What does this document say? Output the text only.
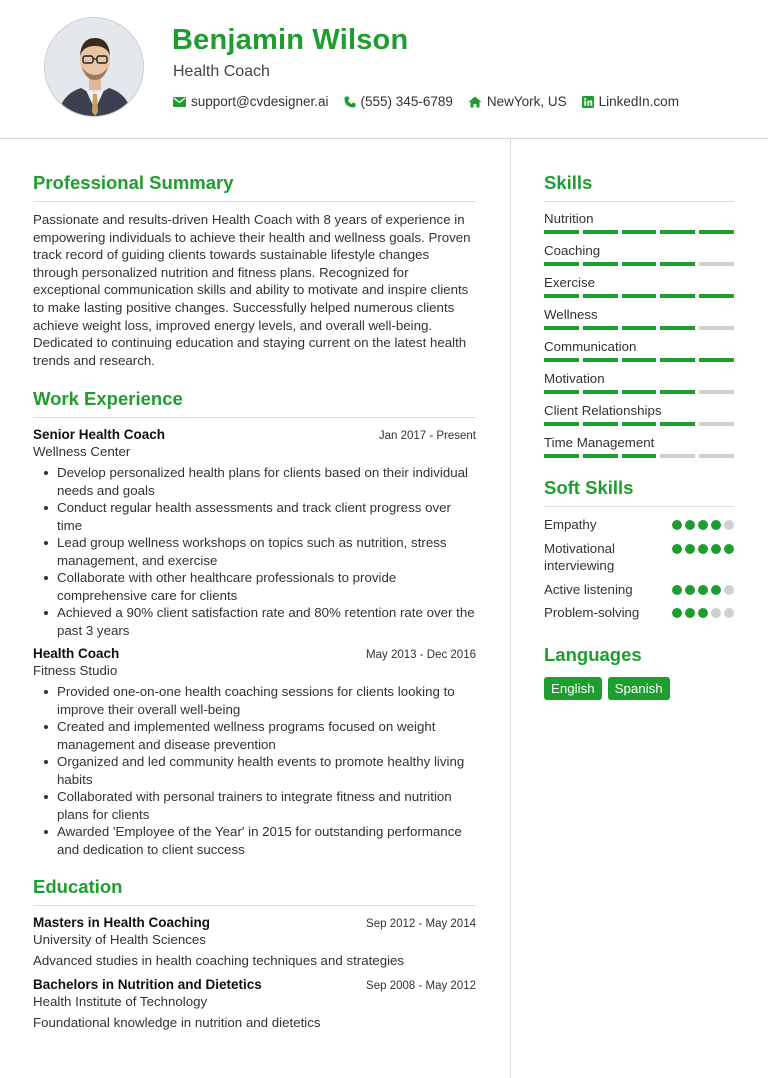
Benjamin Wilson
Health Coach
support@cvdesigner.ai (555) 345-6789	NewYork, US LinkedIn.com
Professional Summary

Passionate and results-driven Health Coach with 8 years of experience in empowering individuals to achieve their health and wellness goals. Proven track record of guiding clients towards sustainable lifestyle changes through personalized nutrition and fitness plans. Recognized for exceptional communication skills and ability to motivate and inspire clients to make lasting positive changes. Successfully helped numerous clients achieve weight loss, improved energy levels, and overall well-being. Dedicated to continuing education and staying current on the latest health trends and research.

Work Experience
Senior Health Coach	Jan 2017 - Present
Wellness Center
Develop personalized health plans for clients based on their individual needs and goals
Conduct regular health assessments and track client progress over time
Lead group wellness workshops on topics such as nutrition, stress management, and exercise
Collaborate with other healthcare professionals to provide comprehensive care for clients
Achieved a 90% client satisfaction rate and 80% retention rate over the past 3 years
Health Coach	May 2013 - Dec 2016
Fitness Studio
Provided one-on-one health coaching sessions for clients looking to improve their overall well-being
Created and implemented wellness programs focused on weight management and disease prevention
Organized and led community health events to promote healthy living habits
Collaborated with personal trainers to integrate fitness and nutrition plans for clients
Awarded 'Employee of the Year' in 2015 for outstanding performance and dedication to client success
Education
Masters in Health Coaching	Sep 2012 - May 2014
University of Health Sciences
Advanced studies in health coaching techniques and strategies
Bachelors in Nutrition and Dietetics	Sep 2008 - May 2012
Health Institute of Technology
Foundational knowledge in nutrition and dietetics
Skills
Nutrition
Coaching
Exercise
Wellness
Communication
Motivation
Client Relationships
Time Management
Soft Skills
Empathy
Motivational interviewing
Active listening
Problem-solving
Languages
English	Spanish
